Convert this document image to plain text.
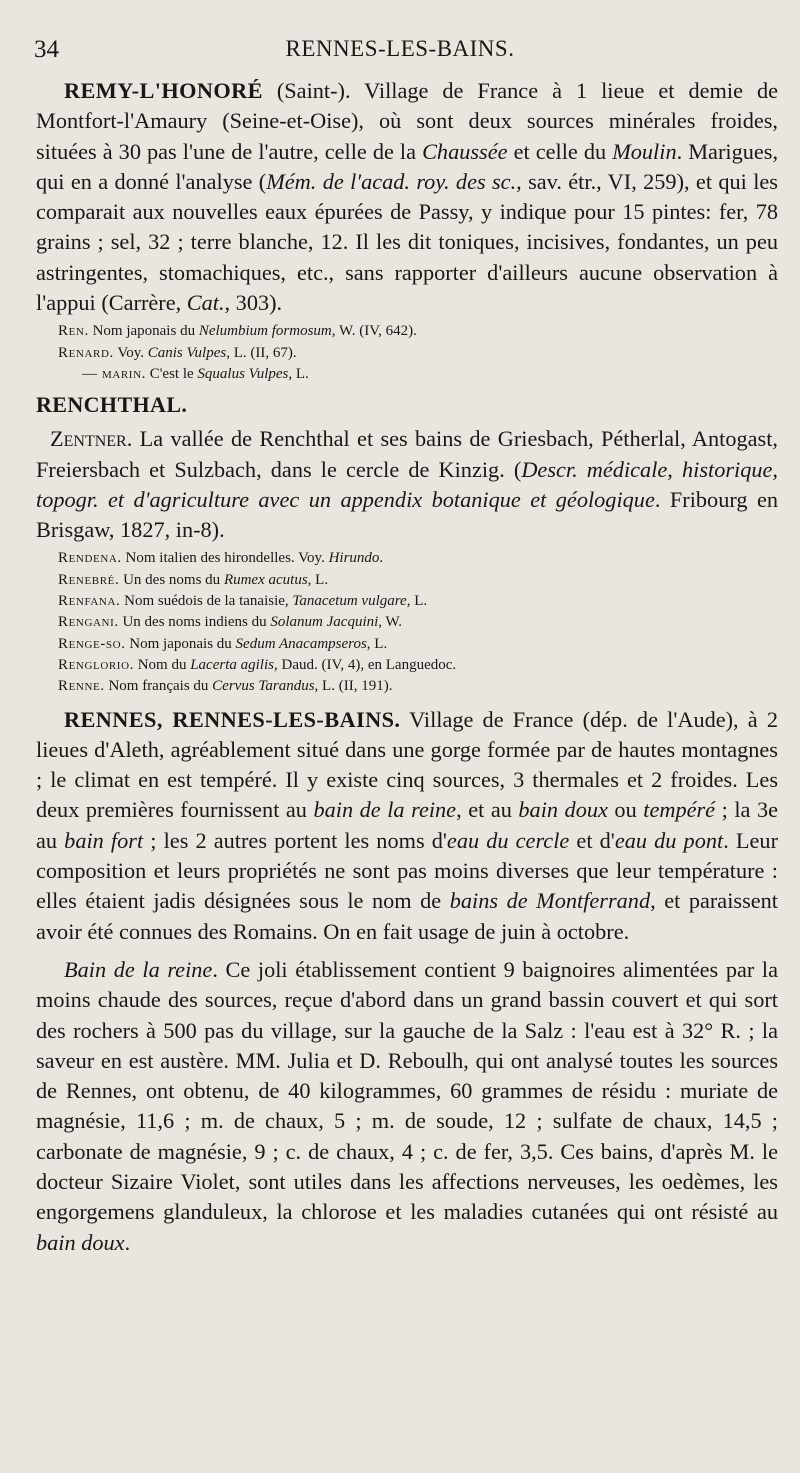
34	RENNES-LES-BAINS.

REMY-L'HONORÉ (Saint-). Village de France à 1 lieue et demie de Montfort-l'Amaury (Seine-et-Oise), où sont deux sources minérales froides, situées à 30 pas l'une de l'autre, celle de la Chaussée et celle du Moulin. Marigues, qui en a donné l'analyse (Mém. de l'acad. roy. des sc., sav. étr., VI, 259), et qui les comparait aux nouvelles eaux épurées de Passy, y indique pour 15 pintes: fer, 78 grains ; sel, 32 ; terre blanche, 12. Il les dit toniques, incisives, fondantes, un peu astringentes, stomachiques, etc., sans rapporter d'ailleurs aucune observation à l'appui (Carrère, Cat., 303).

Ren. Nom japonais du Nelumbium formosum, W. (IV, 642).

Renard. Voy. Canis Vulpes, L. (II, 67).

— marin. C'est le Squalus Vulpes, L.

RENCHTHAL.

Zentner. La vallée de Renchthal et ses bains de Griesbach, Pétherlal, Antogast, Freiersbach et Sulzbach, dans le cercle de Kinzig. (Descr. médicale, historique, topogr. et d'agriculture avec un appendix botanique et géologique. Fribourg en Brisgaw, 1827, in-8).

Rendena. Nom italien des hirondelles. Voy. Hirundo.

Renebré. Un des noms du Rumex acutus, L.

Renfana. Nom suédois de la tanaisie, Tanacetum vulgare, L.

Rengani. Un des noms indiens du Solanum Jacquini, W.

Renge-so. Nom japonais du Sedum Anacampseros, L.

Renglorio. Nom du Lacerta agilis, Daud. (IV, 4), en Languedoc.

Renne. Nom français du Cervus Tarandus, L. (II, 191).

RENNES, RENNES-LES-BAINS. Village de France (dép. de l'Aude), à 2 lieues d'Aleth, agréablement situé dans une gorge formée par de hautes montagnes ; le climat en est tempéré. Il y existe cinq sources, 3 thermales et 2 froides. Les deux premières fournissent au bain de la reine, et au bain doux ou tempéré ; la 3e au bain fort ; les 2 autres portent les noms d'eau du cercle et d'eau du pont. Leur composition et leurs propriétés ne sont pas moins diverses que leur température : elles étaient jadis désignées sous le nom de bains de Montferrand, et paraissent avoir été connues des Romains. On en fait usage de juin à octobre.

Bain de la reine. Ce joli établissement contient 9 baignoires alimentées par la moins chaude des sources, reçue d'abord dans un grand bassin couvert et qui sort des rochers à 500 pas du village, sur la gauche de la Salz : l'eau est à 32° R. ; la saveur en est austère. MM. Julia et D. Reboulh, qui ont analysé toutes les sources de Rennes, ont obtenu, de 40 kilogrammes, 60 grammes de résidu : muriate de magnésie, 11,6 ; m. de chaux, 5 ; m. de soude, 12 ; sulfate de chaux, 14,5 ; carbonate de magnésie, 9 ; c. de chaux, 4 ; c. de fer, 3,5. Ces bains, d'après M. le docteur Sizaire Violet, sont utiles dans les affections nerveuses, les oedèmes, les engorgemens glanduleux, la chlorose et les maladies cutanées qui ont résisté au bain doux.
